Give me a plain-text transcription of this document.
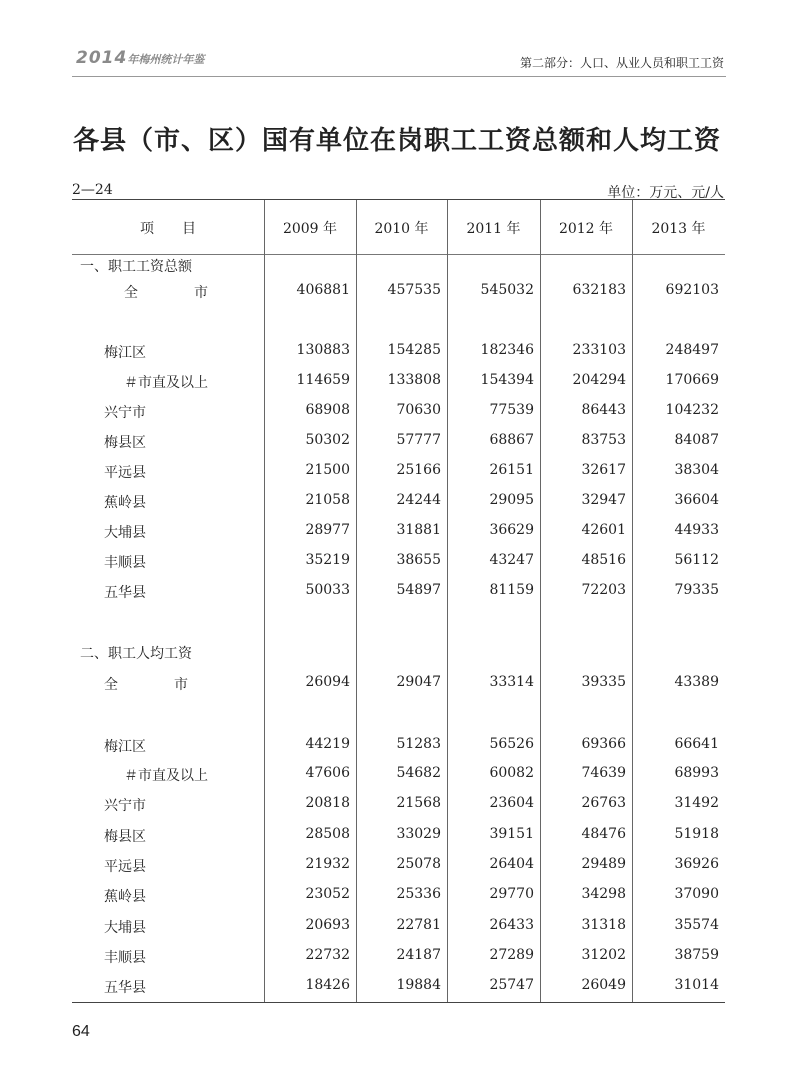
2014年梅州统计年鉴	第二部分：人口、从业人员和职工工资
各县（市、区）国有单位在岗职工工资总额和人均工资
2—24	单位：万元、元/人
项　　目	2009 年	2010 年	2011 年	2012 年	2013 年
一、职工工资总额
全　　　　市	406881	457535	545032	632183	692103
梅江区	130883	154285	182346	233103	248497
＃市直及以上	114659	133808	154394	204294	170669
兴宁市	68908	70630	77539	86443	104232
梅县区	50302	57777	68867	83753	84087
平远县	21500	25166	26151	32617	38304
蕉岭县	21058	24244	29095	32947	36604
大埔县	28977	31881	36629	42601	44933
丰顺县	35219	38655	43247	48516	56112
五华县	50033	54897	81159	72203	79335
二、职工人均工资
全　　　　市	26094	29047	33314	39335	43389
梅江区	44219	51283	56526	69366	66641
＃市直及以上	47606	54682	60082	74639	68993
兴宁市	20818	21568	23604	26763	31492
梅县区	28508	33029	39151	48476	51918
平远县	21932	25078	26404	29489	36926
蕉岭县	23052	25336	29770	34298	37090
大埔县	20693	22781	26433	31318	35574
丰顺县	22732	24187	27289	31202	38759
五华县	18426	19884	25747	26049	31014
64
